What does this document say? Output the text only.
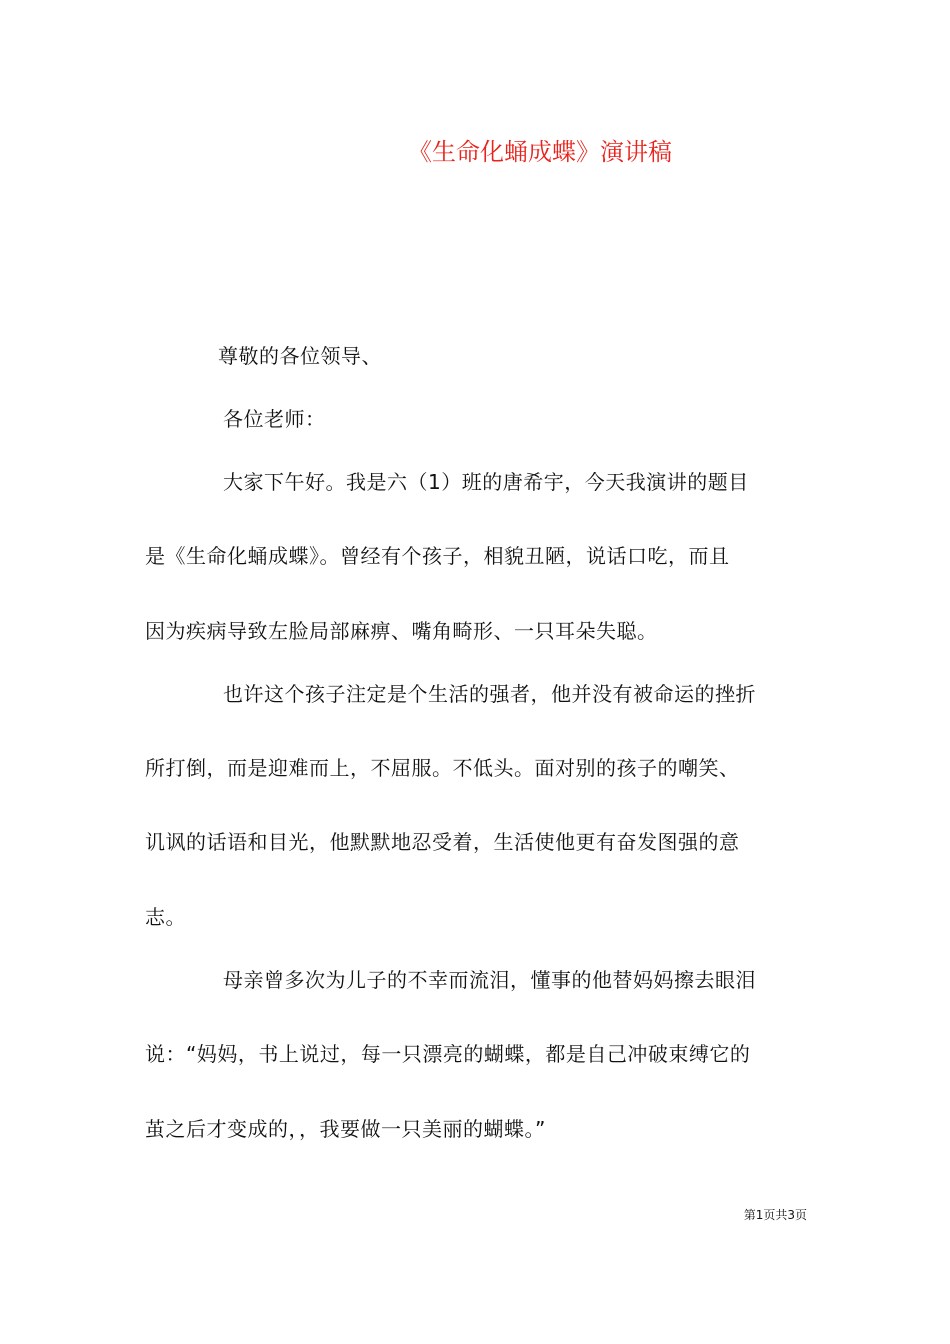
《生命化蛹成蝶》演讲稿
尊敬的各位领导、
各位老师：
大家下午好。我是六（1）班的唐希宇，今天我演讲的题目
是《生命化蛹成蝶》。曾经有个孩子，相貌丑陋，说话口吃，而且
因为疾病导致左脸局部麻痹、嘴角畸形、一只耳朵失聪。
也许这个孩子注定是个生活的强者，他并没有被命运的挫折
所打倒，而是迎难而上，不屈服。不低头。面对别的孩子的嘲笑、
讥讽的话语和目光，他默默地忍受着，生活使他更有奋发图强的意
志。
母亲曾多次为儿子的不幸而流泪，懂事的他替妈妈擦去眼泪
说：“妈妈，书上说过，每一只漂亮的蝴蝶，都是自己冲破束缚它的
茧之后才变成的，，我要做一只美丽的蝴蝶。”
第1页共3页
